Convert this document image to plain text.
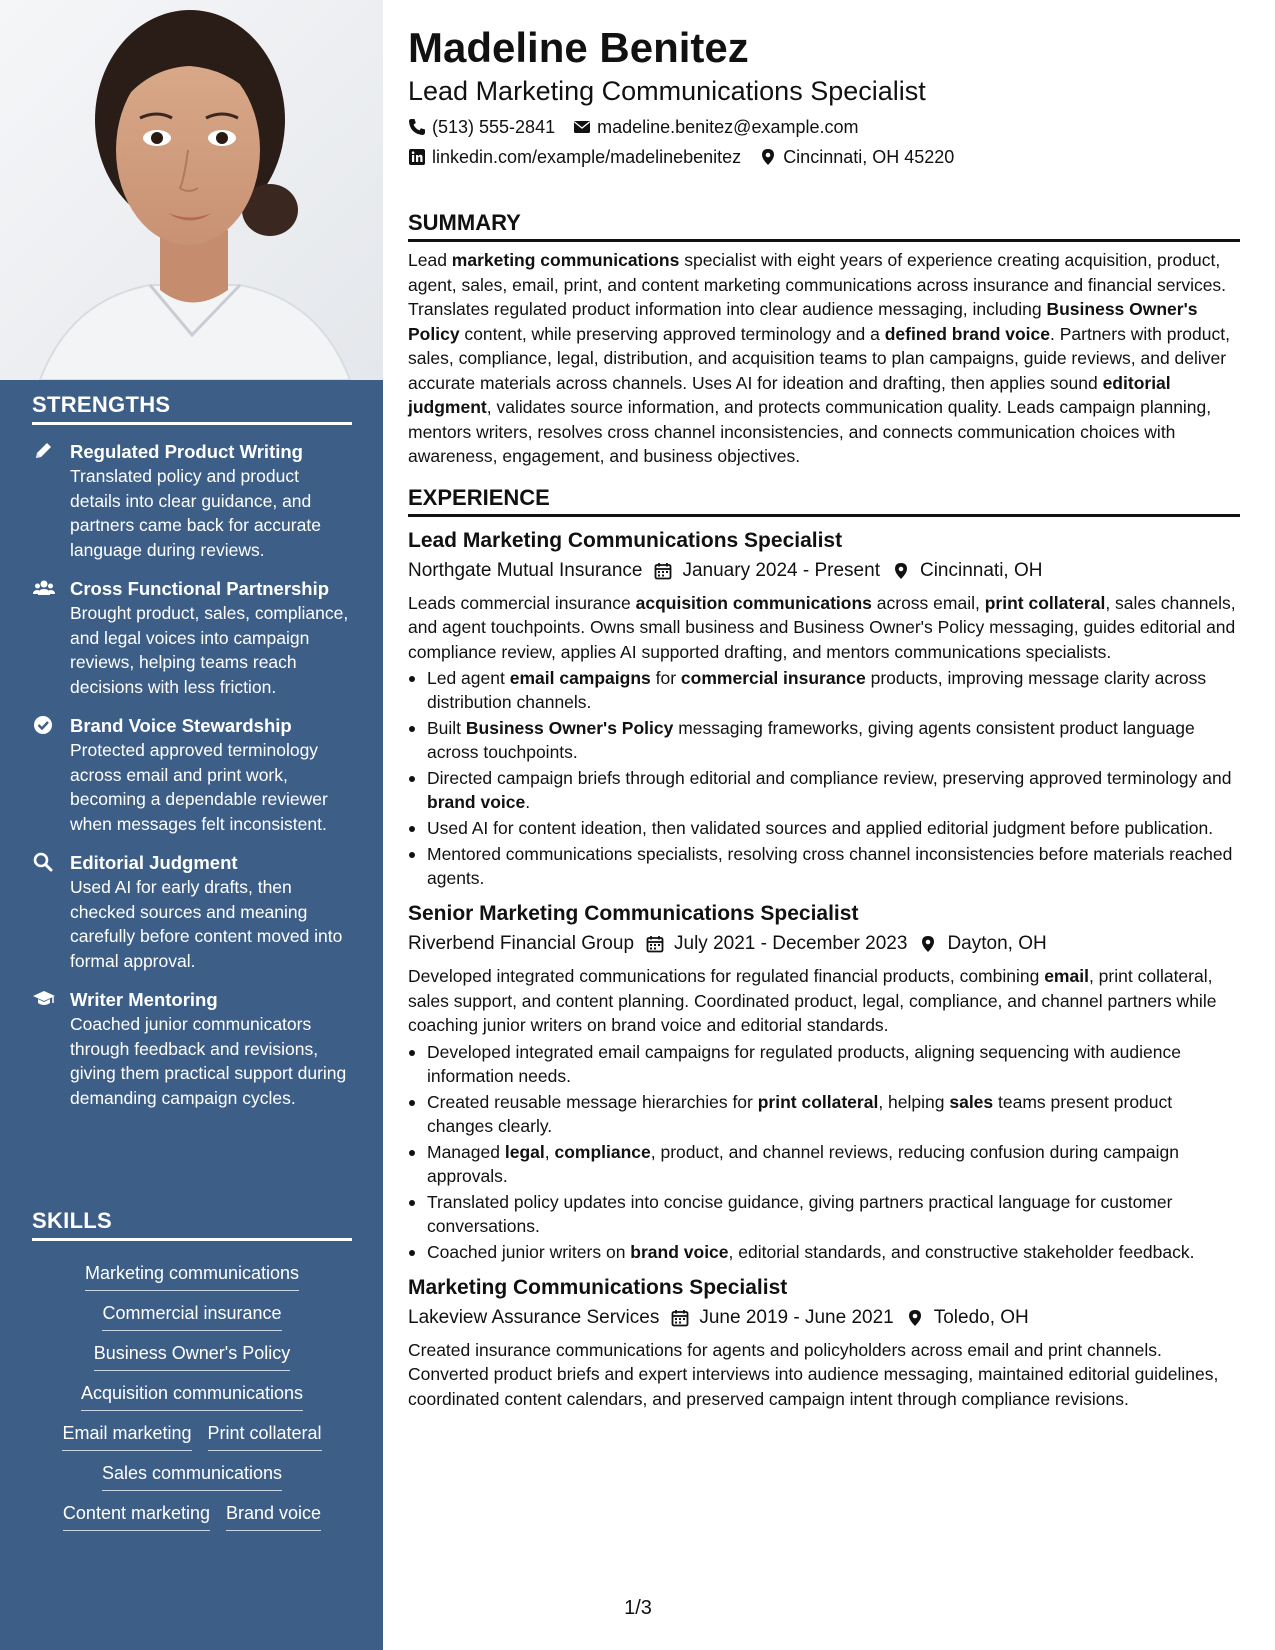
STRENGTHS
Regulated Product Writing
Translated policy and product details into clear guidance, and partners came back for accurate language during reviews.
Cross Functional Partnership
Brought product, sales, compliance, and legal voices into campaign reviews, helping teams reach decisions with less friction.
Brand Voice Stewardship
Protected approved terminology across email and print work, becoming a dependable reviewer when messages felt inconsistent.
Editorial Judgment
Used AI for early drafts, then checked sources and meaning carefully before content moved into formal approval.
Writer Mentoring
Coached junior communicators through feedback and revisions, giving them practical support during demanding campaign cycles.
SKILLS
Marketing communications
Commercial insurance
Business Owner's Policy
Acquisition communications
Email marketing Print collateral
Sales communications
Content marketing Brand voice
Madeline Benitez
Lead Marketing Communications Specialist
(513) 555-2841 madeline.benitez@example.com
linkedin.com/example/madelinebenitez Cincinnati, OH 45220
SUMMARY
Lead marketing communications specialist with eight years of experience creating acquisition, product, agent, sales, email, print, and content marketing communications across insurance and financial services. Translates regulated product information into clear audience messaging, including Business Owner's Policy content, while preserving approved terminology and a defined brand voice. Partners with product, sales, compliance, legal, distribution, and acquisition teams to plan campaigns, guide reviews, and deliver accurate materials across channels. Uses AI for ideation and drafting, then applies sound editorial judgment, validates source information, and protects communication quality. Leads campaign planning, mentors writers, resolves cross channel inconsistencies, and connects communication choices with awareness, engagement, and business objectives.
EXPERIENCE
Lead Marketing Communications Specialist
Northgate Mutual Insurance January 2024 - Present Cincinnati, OH
Leads commercial insurance acquisition communications across email, print collateral, sales channels, and agent touchpoints. Owns small business and Business Owner's Policy messaging, guides editorial and compliance review, applies AI supported drafting, and mentors communications specialists.
Led agent email campaigns for commercial insurance products, improving message clarity across distribution channels.
Built Business Owner's Policy messaging frameworks, giving agents consistent product language across touchpoints.
Directed campaign briefs through editorial and compliance review, preserving approved terminology and brand voice.
Used AI for content ideation, then validated sources and applied editorial judgment before publication.
Mentored communications specialists, resolving cross channel inconsistencies before materials reached agents.
Senior Marketing Communications Specialist
Riverbend Financial Group July 2021 - December 2023 Dayton, OH
Developed integrated communications for regulated financial products, combining email, print collateral, sales support, and content planning. Coordinated product, legal, compliance, and channel partners while coaching junior writers on brand voice and editorial standards.
Developed integrated email campaigns for regulated products, aligning sequencing with audience information needs.
Created reusable message hierarchies for print collateral, helping sales teams present product changes clearly.
Managed legal, compliance, product, and channel reviews, reducing confusion during campaign approvals.
Translated policy updates into concise guidance, giving partners practical language for customer conversations.
Coached junior writers on brand voice, editorial standards, and constructive stakeholder feedback.
Marketing Communications Specialist
Lakeview Assurance Services June 2019 - June 2021 Toledo, OH
Created insurance communications for agents and policyholders across email and print channels. Converted product briefs and expert interviews into audience messaging, maintained editorial guidelines, coordinated content calendars, and preserved campaign intent through compliance revisions.
1/3
